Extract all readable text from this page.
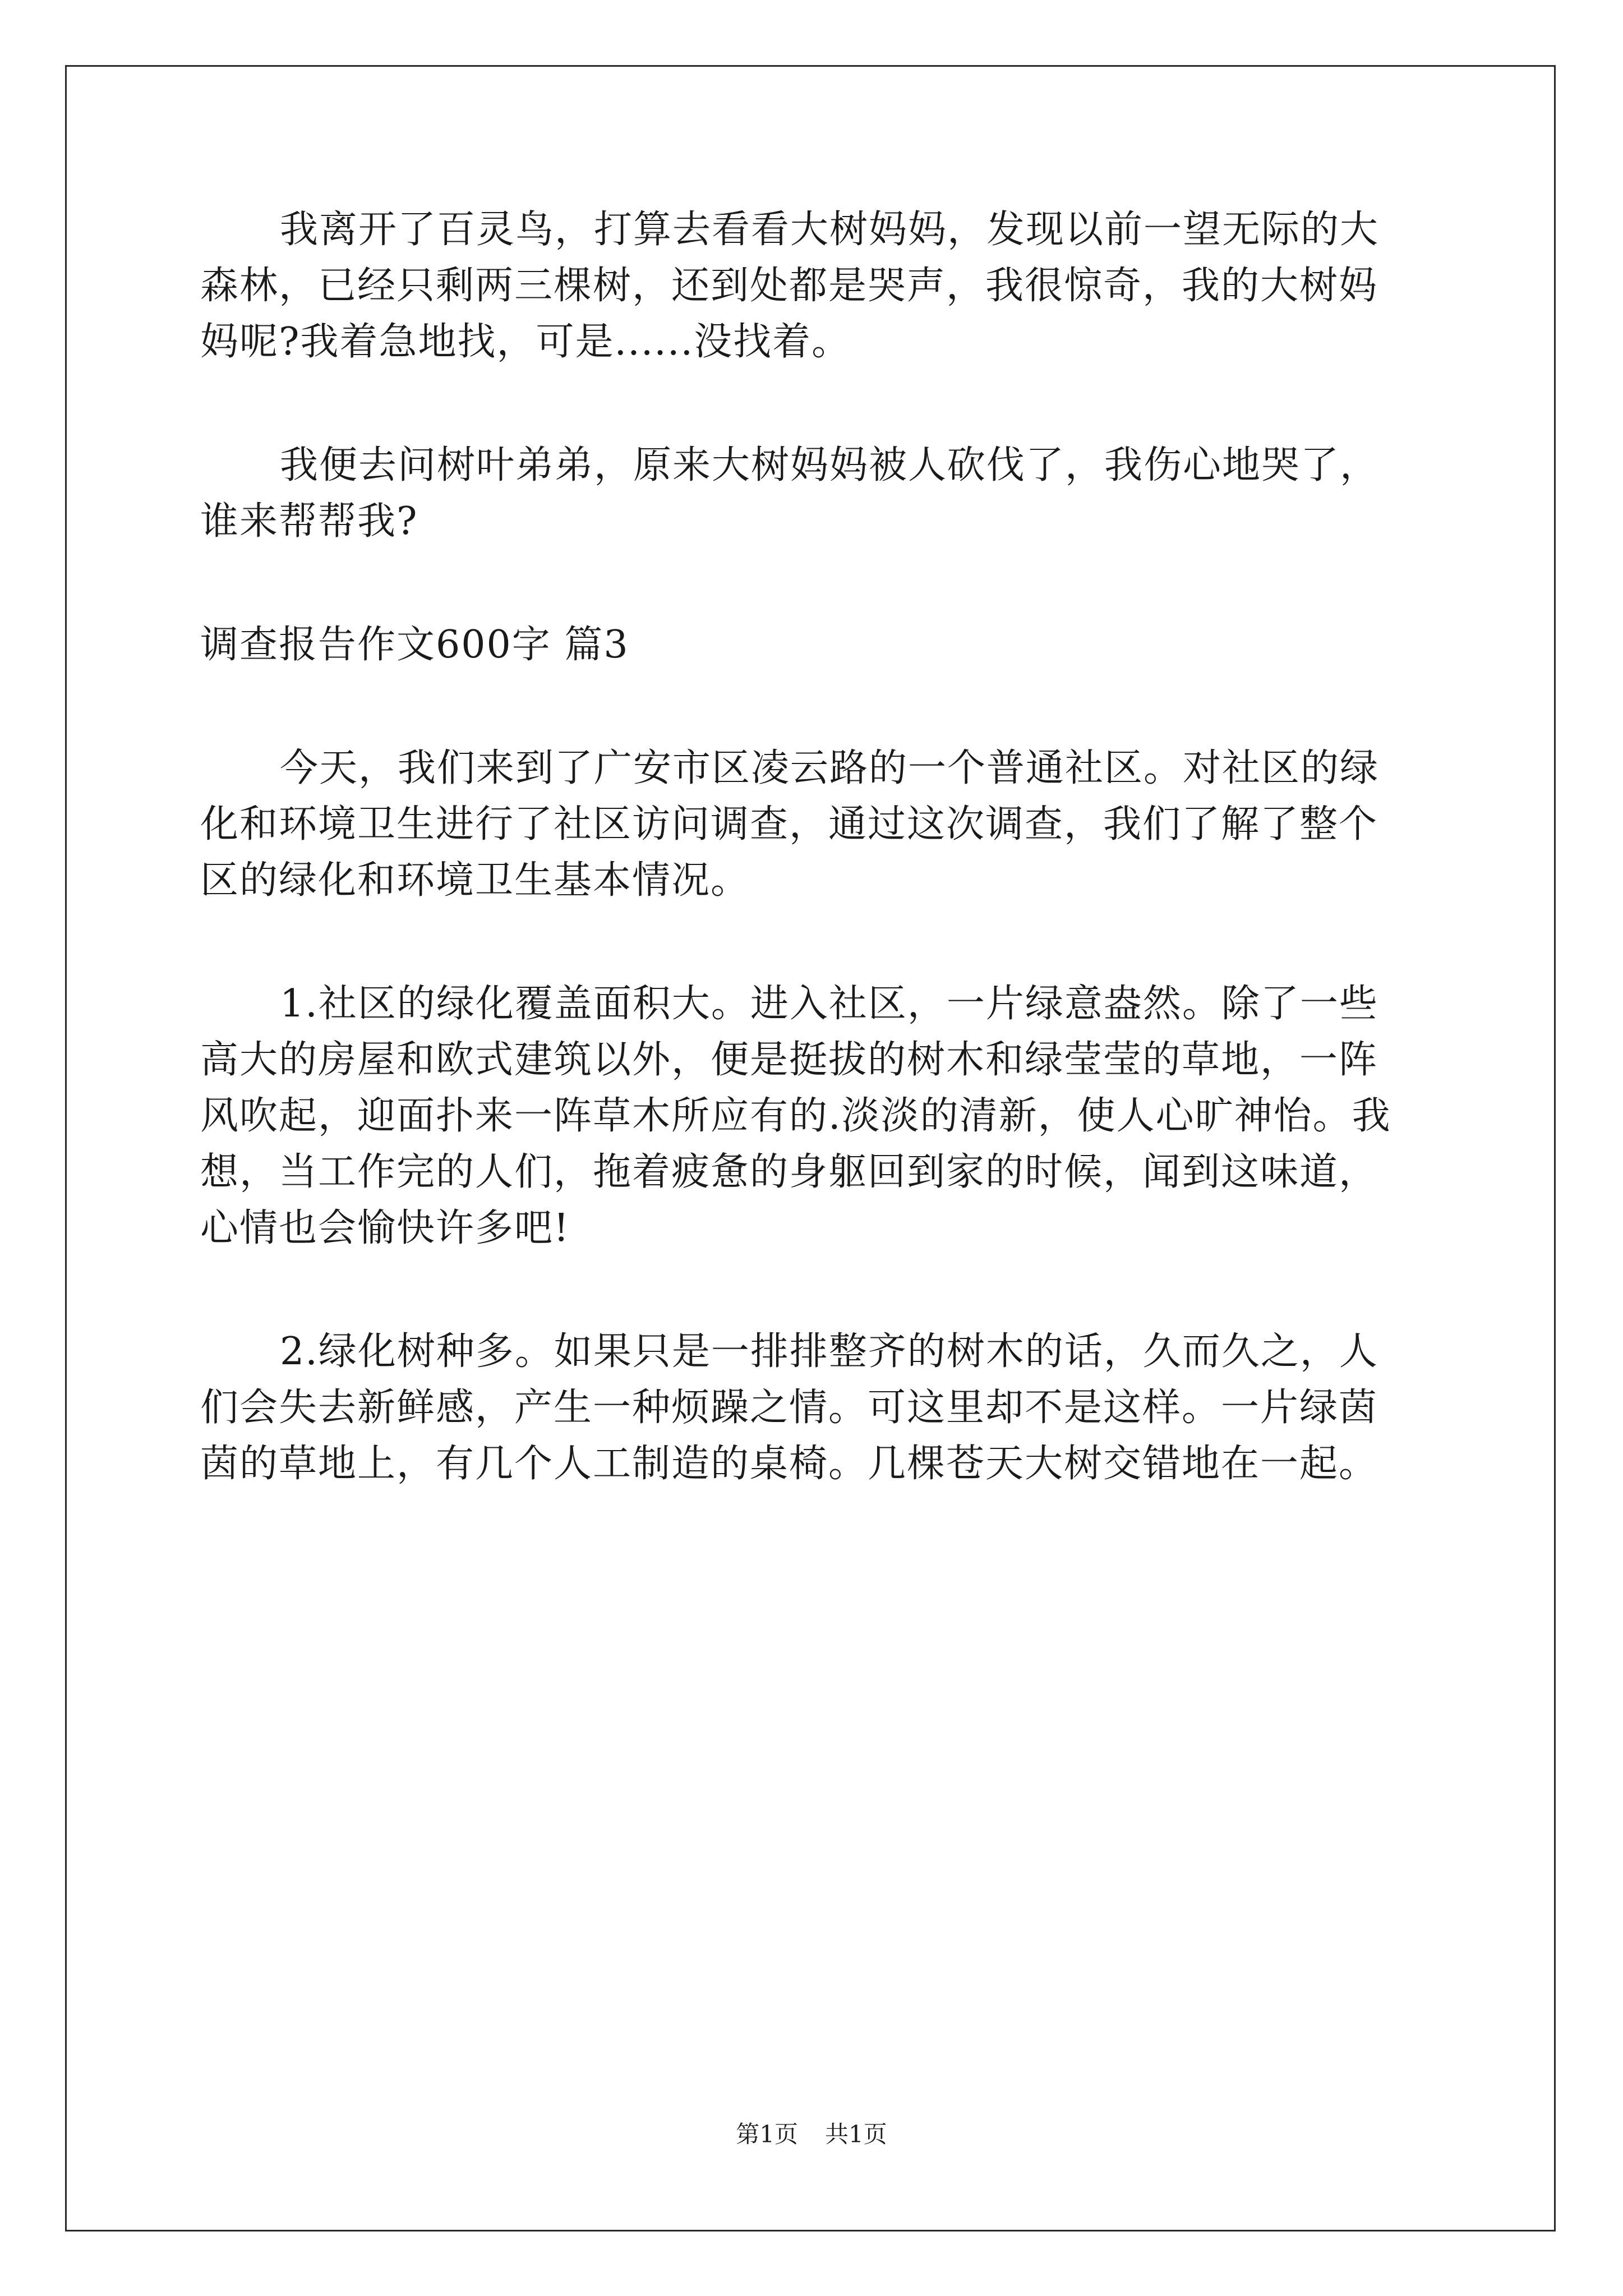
我离开了百灵鸟，打算去看看大树妈妈，发现以前一望无际的大
森林，已经只剩两三棵树，还到处都是哭声，我很惊奇，我的大树妈
妈呢?我着急地找，可是......没找着。
我便去问树叶弟弟，原来大树妈妈被人砍伐了，我伤心地哭了，
谁来帮帮我?
调查报告作文600字 篇3
今天，我们来到了广安市区凌云路的一个普通社区。对社区的绿
化和环境卫生进行了社区访问调查，通过这次调查，我们了解了整个
区的绿化和环境卫生基本情况。
1.社区的绿化覆盖面积大。进入社区，一片绿意盎然。除了一些
高大的房屋和欧式建筑以外，便是挺拔的树木和绿莹莹的草地，一阵
风吹起，迎面扑来一阵草木所应有的.淡淡的清新，使人心旷神怡。我
想，当工作完的人们，拖着疲惫的身躯回到家的时候，闻到这味道，
心情也会愉快许多吧!
2.绿化树种多。如果只是一排排整齐的树木的话，久而久之，人
们会失去新鲜感，产生一种烦躁之情。可这里却不是这样。一片绿茵
茵的草地上，有几个人工制造的桌椅。几棵苍天大树交错地在一起。
第1页 共1页
